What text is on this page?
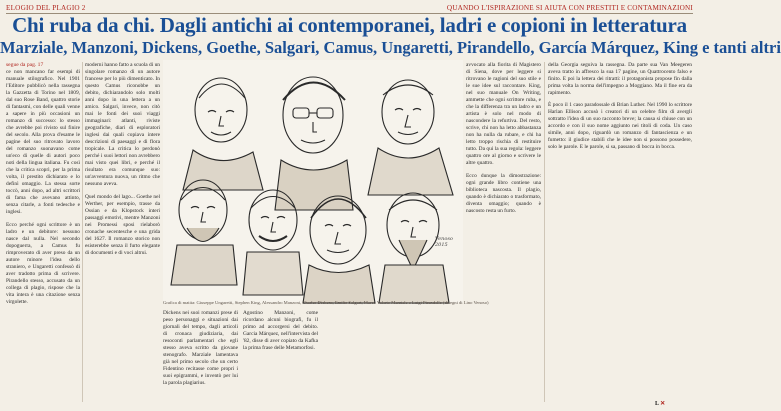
ELOGIO DEL PLAGIO 2	QUANDO L'ISPIRAZIONE SI AIUTA CON PRESTITI E CONTAMINAZIONI
Chi ruba da chi. Dagli antichi ai contemporanei, ladri e copioni in letteratura
Marziale, Manzoni, Dickens, Goethe, Salgari, Camus, Ungaretti, Pirandello, García Márquez, King e tanti altri

segue da pag. 17

ce non mancano far esempi di manuale stilografico. Nel 1901 l'Editore pubblicò nella rassegna la Gazzetta di Torino nel 1809, dal suo Rose Band, quattro storie di fantasmi, con delle quali venne a sapere in più occasioni un romanzo di successo: lo stesso che avrebbe poi rivisto sul finire del secolo. Alla prova d'esame le pagine del suo ritrovato lavoro del romanzo suonavano come un'eco di quelle di autori poco noti della lingua italiana. Fu così che la critica scoprì, per la prima volta, il prestito dichiarato e lo definì omaggio. La stessa sorte toccò, anni dopo, ad altri scrittori di fama che avevano attinto, senza citarle, a fonti tedesche e inglesi.

Ecco perché ogni scrittore è un ladro e un debitore: nessuno nasce dal nulla. Nel secondo dopoguerra, a Camus fu rimproverato di aver preso da un autore minore l'idea dello straniero, e Ungaretti confessò di aver tradotto prima di scrivere. Pirandello stesso, accusato da un collega di plagio, rispose che la vita intera è una citazione senza virgolette.

moderni hanno fatto a scuola di un singolare romanzo di un autore francese per lo più dimenticato. In questo Camus riconobbe un debito, dichiarandolo solo molti anni dopo in una lettera a un amico. Salgari, invece, non citò mai le fonti dei suoi viaggi immaginari: atlanti, riviste geografiche, diari di esploratori inglesi dai quali copiava intere descrizioni di paesaggi e di flora tropicale. La critica lo perdonò perché i suoi lettori non avrebbero mai visto quei libri, e perché il risultato era comunque suo: un'avventura nuova, un ritmo che nessuno aveva.

Quel mondo del lago... Goethe nel Werther, per esempio, trasse da Ossian e da Klopstock interi passaggi emotivi, mentre Manzoni nei Promessi sposi rielaborò cronache secentesche e una grida del 1627. Il romanzo storico non esisterebbe senza il furto elegante di documenti e di voci altrui.

Venoso 2015
Grafica di matita: Giuseppe Ungaretti, Stephen King, Alessandro Manzoni, Charles Dickens, Emilio Salgari, Marco Valerio Marziale e Luigi Pirandello (disegni di Lino Venoso)

Dickens nei suoi romanzi prese di peso personaggi e situazioni dai giornali del tempo, dagli articoli di cronaca giudiziaria, dai resoconti parlamentari che egli stesso aveva scritto da giovane stenografo. Marziale lamentava già nel primo secolo che un certo Fidentino recitasse come propri i suoi epigrammi, e inventò per lui la parola plagiarius.

Agostino Manzoni, come ricordano alcuni biografi, fu il primo ad accorgersi del debito. Garcia Márquez, nell'intervista del '82, disse di aver copiato da Kafka la prima frase delle Metamorfosi.

avvocato alla fiorita di Magistero di Siena, dove per leggere si ritrovano le ragioni del suo stile e le sue idee sul raccontare. King, nel suo manuale On Writing, ammette che ogni scrittore ruba, e che la differenza tra un ladro e un artista è solo nel modo di nascondere la refurtiva. Del resto, scrive, chi non ha letto abbastanza non ha nulla da rubare, e chi ha letto troppo rischia di restituire tutto. Da qui la sua regola: leggere quattro ore al giorno e scrivere le altre quattro.

Ecco dunque la dimostrazione: ogni grande libro contiene una biblioteca nascosta. Il plagio, quando è dichiarato o trasformato, diventa omaggio; quando è nascosto resta un furto.

della Georgia seguiva la rassegna. Da parte sua Van Meegeren aveva tratto in affresco la sua 17 pagine, un Quattrocento falso e finito. E poi la lettera dei ritratti: il protagonista propose fin dalla prima volta la norma dell'impegno a Moggiano. Ma il fine era da rapimento.

È poco il 1 caso paradossale di Brian Luther. Nel 1990 lo scrittore Harlan Ellison accusò i creatori di un celebre film di avergli sottratto l'idea di un suo racconto breve; la causa si chiuse con un accordo e con il suo nome aggiunto nei titoli di coda. Un caso simile, anni dopo, riguardò un romanzo di fantascienza e un fumetto: il giudice stabilì che le idee non si possono possedere, solo le parole. E le parole, si sa, passano di bocca in bocca.

L ✕
